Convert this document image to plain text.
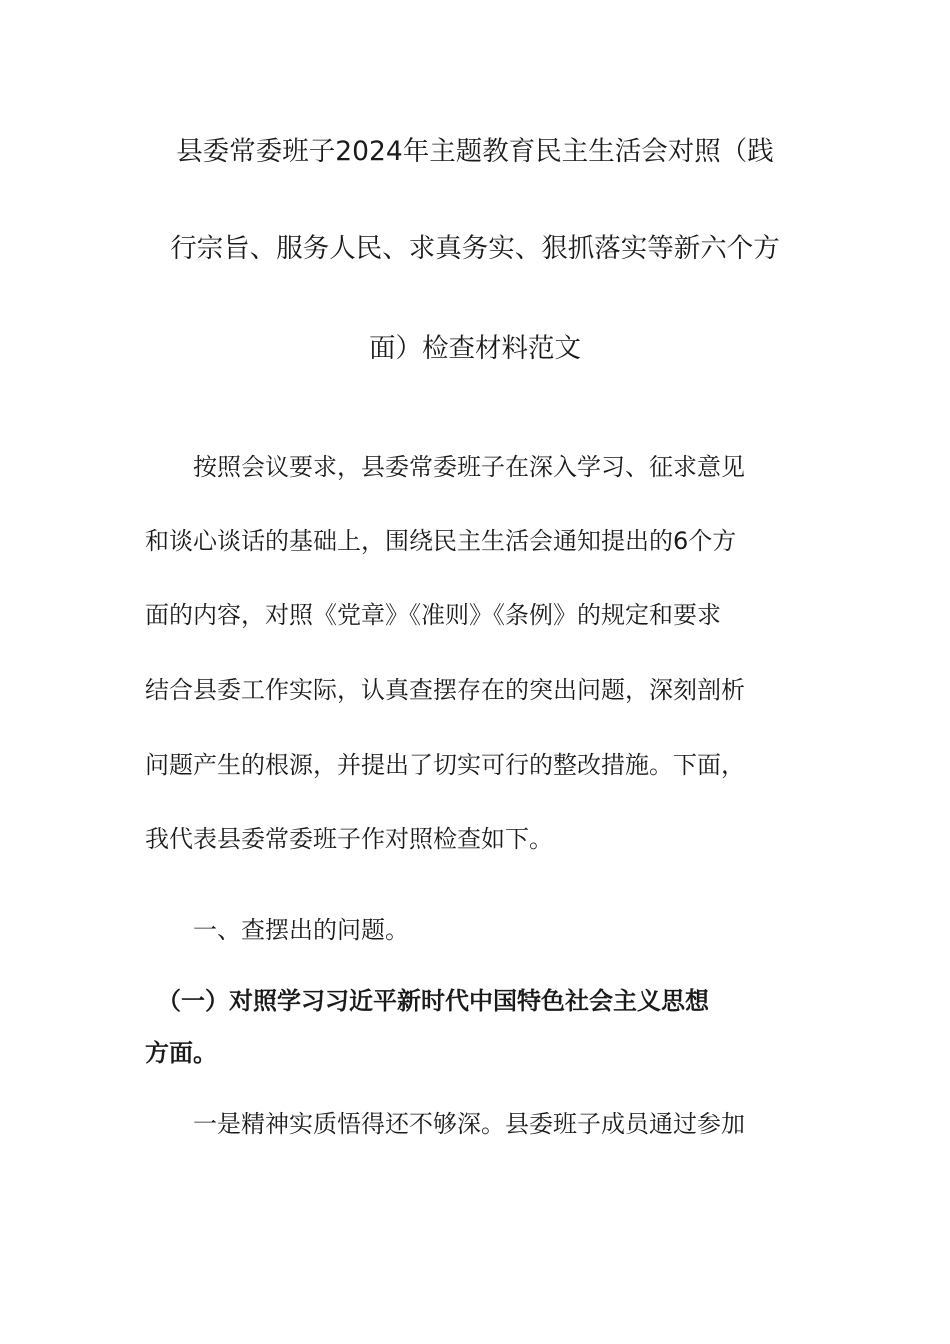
县委常委班子2024年主题教育民主生活会对照（践
行宗旨、服务人民、求真务实、狠抓落实等新六个方
面）检查材料范文
　　按照会议要求，县委常委班子在深入学习、征求意见
和谈心谈话的基础上，围绕民主生活会通知提出的6个方
面的内容，对照《党章》《准则》《条例》的规定和要求
结合县委工作实际，认真查摆存在的突出问题，深刻剖析
问题产生的根源，并提出了切实可行的整改措施。下面，
我代表县委常委班子作对照检查如下。
　　一、查摆出的问题。
　（一）对照学习习近平新时代中国特色社会主义思想
方面。
　　一是精神实质悟得还不够深。县委班子成员通过参加
